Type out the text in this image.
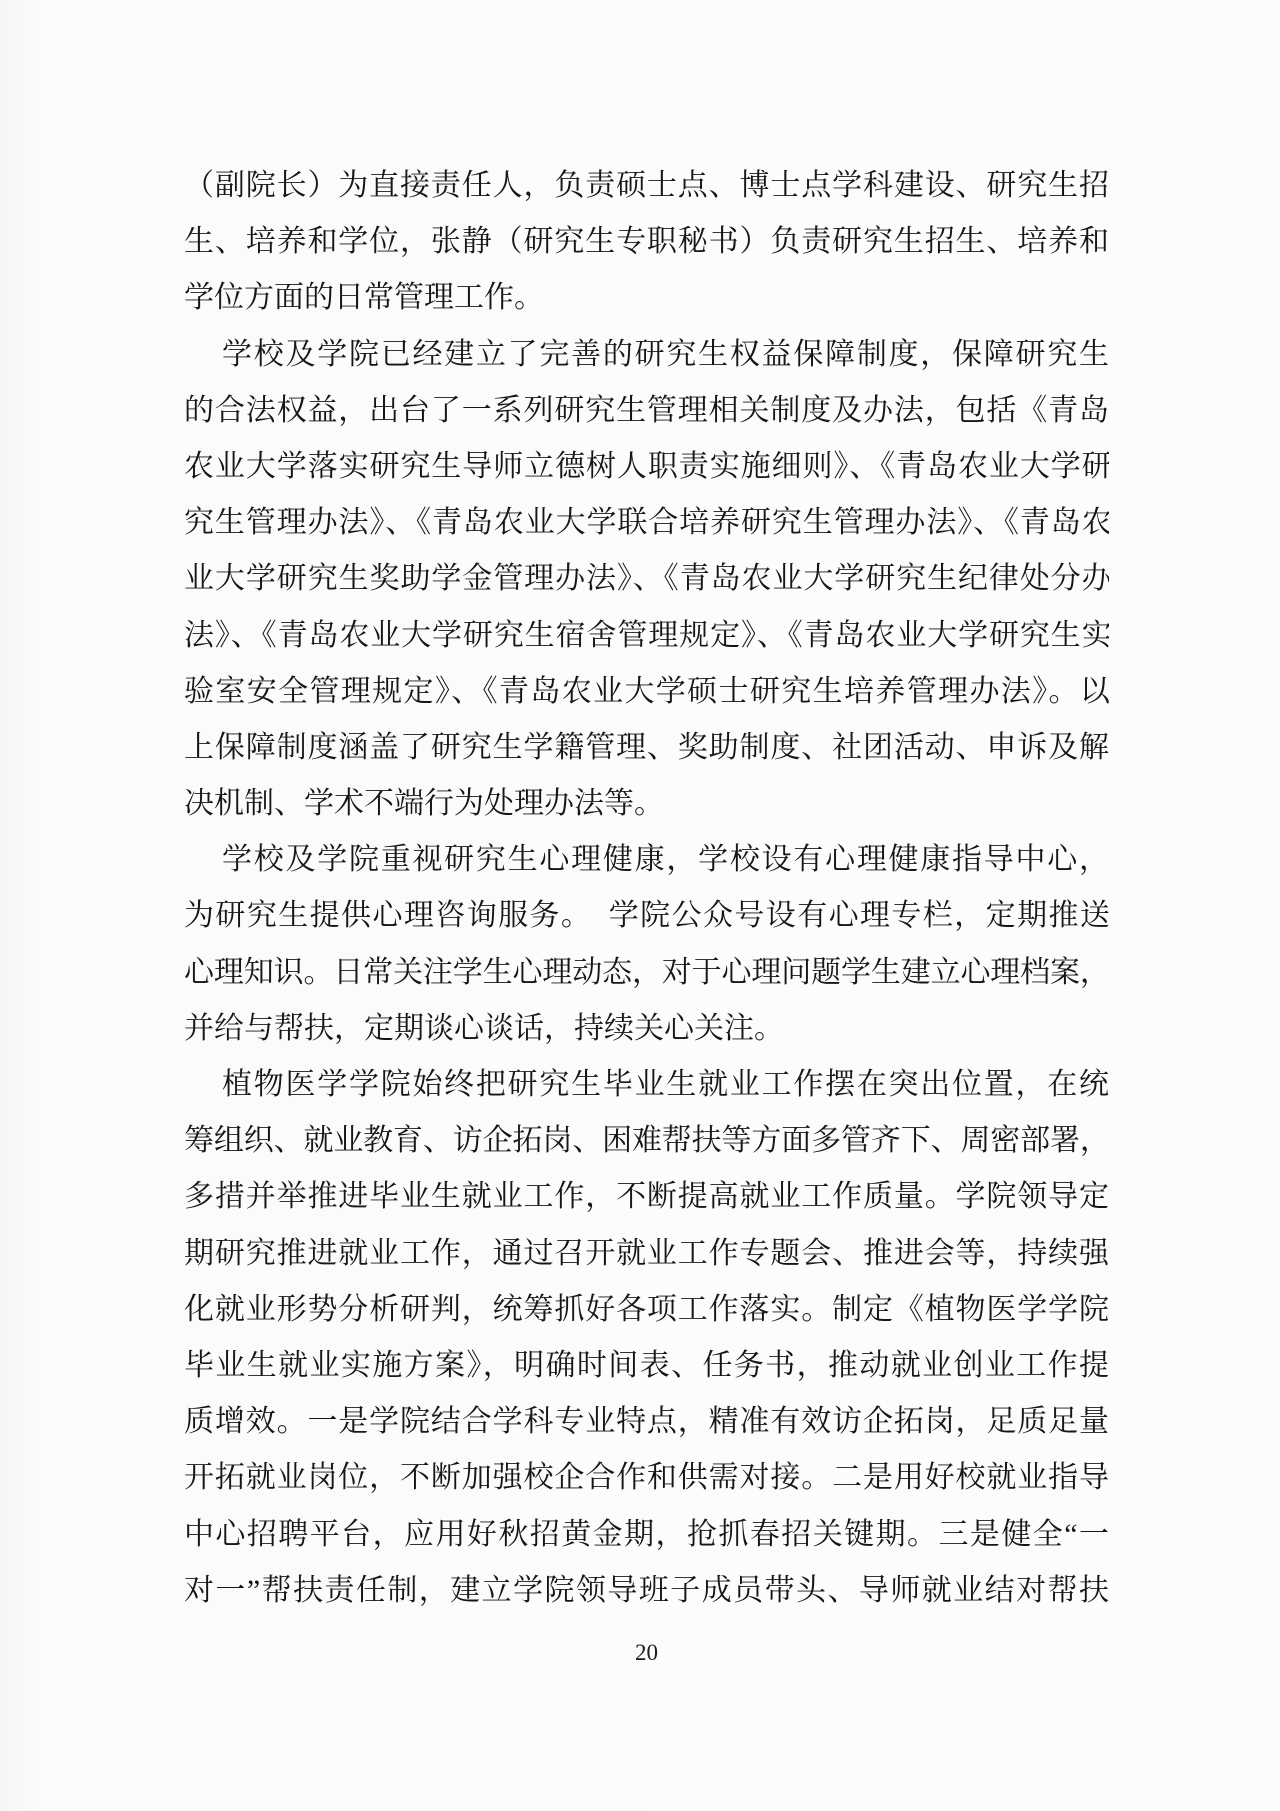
（副院长）为直接责任人，负责硕士点、博士点学科建设、研究生招
生、培养和学位，张静（研究生专职秘书）负责研究生招生、培养和
学位方面的日常管理工作。
学校及学院已经建立了完善的研究生权益保障制度，保障研究生
的合法权益，出台了一系列研究生管理相关制度及办法，包括《青岛
农业大学落实研究生导师立德树人职责实施细则》、《青岛农业大学研
究生管理办法》、《青岛农业大学联合培养研究生管理办法》、《青岛农
业大学研究生奖助学金管理办法》、《青岛农业大学研究生纪律处分办
法》、《青岛农业大学研究生宿舍管理规定》、《青岛农业大学研究生实
验室安全管理规定》、《青岛农业大学硕士研究生培养管理办法》。以
上保障制度涵盖了研究生学籍管理、奖助制度、社团活动、申诉及解
决机制、学术不端行为处理办法等。
学校及学院重视研究生心理健康，学校设有心理健康指导中心，
为研究生提供心理咨询服务。　学院公众号设有心理专栏，定期推送
心理知识。日常关注学生心理动态，对于心理问题学生建立心理档案，
并给与帮扶，定期谈心谈话，持续关心关注。
植物医学学院始终把研究生毕业生就业工作摆在突出位置，在统
筹组织、就业教育、访企拓岗、困难帮扶等方面多管齐下、周密部署，
多措并举推进毕业生就业工作，不断提高就业工作质量。学院领导定
期研究推进就业工作，通过召开就业工作专题会、推进会等，持续强
化就业形势分析研判，统筹抓好各项工作落实。制定《植物医学学院
毕业生就业实施方案》，明确时间表、任务书，推动就业创业工作提
质增效。一是学院结合学科专业特点，精准有效访企拓岗，足质足量
开拓就业岗位，不断加强校企合作和供需对接。二是用好校就业指导
中心招聘平台，应用好秋招黄金期，抢抓春招关键期。三是健全“一
对一”帮扶责任制，建立学院领导班子成员带头、导师就业结对帮扶
20
